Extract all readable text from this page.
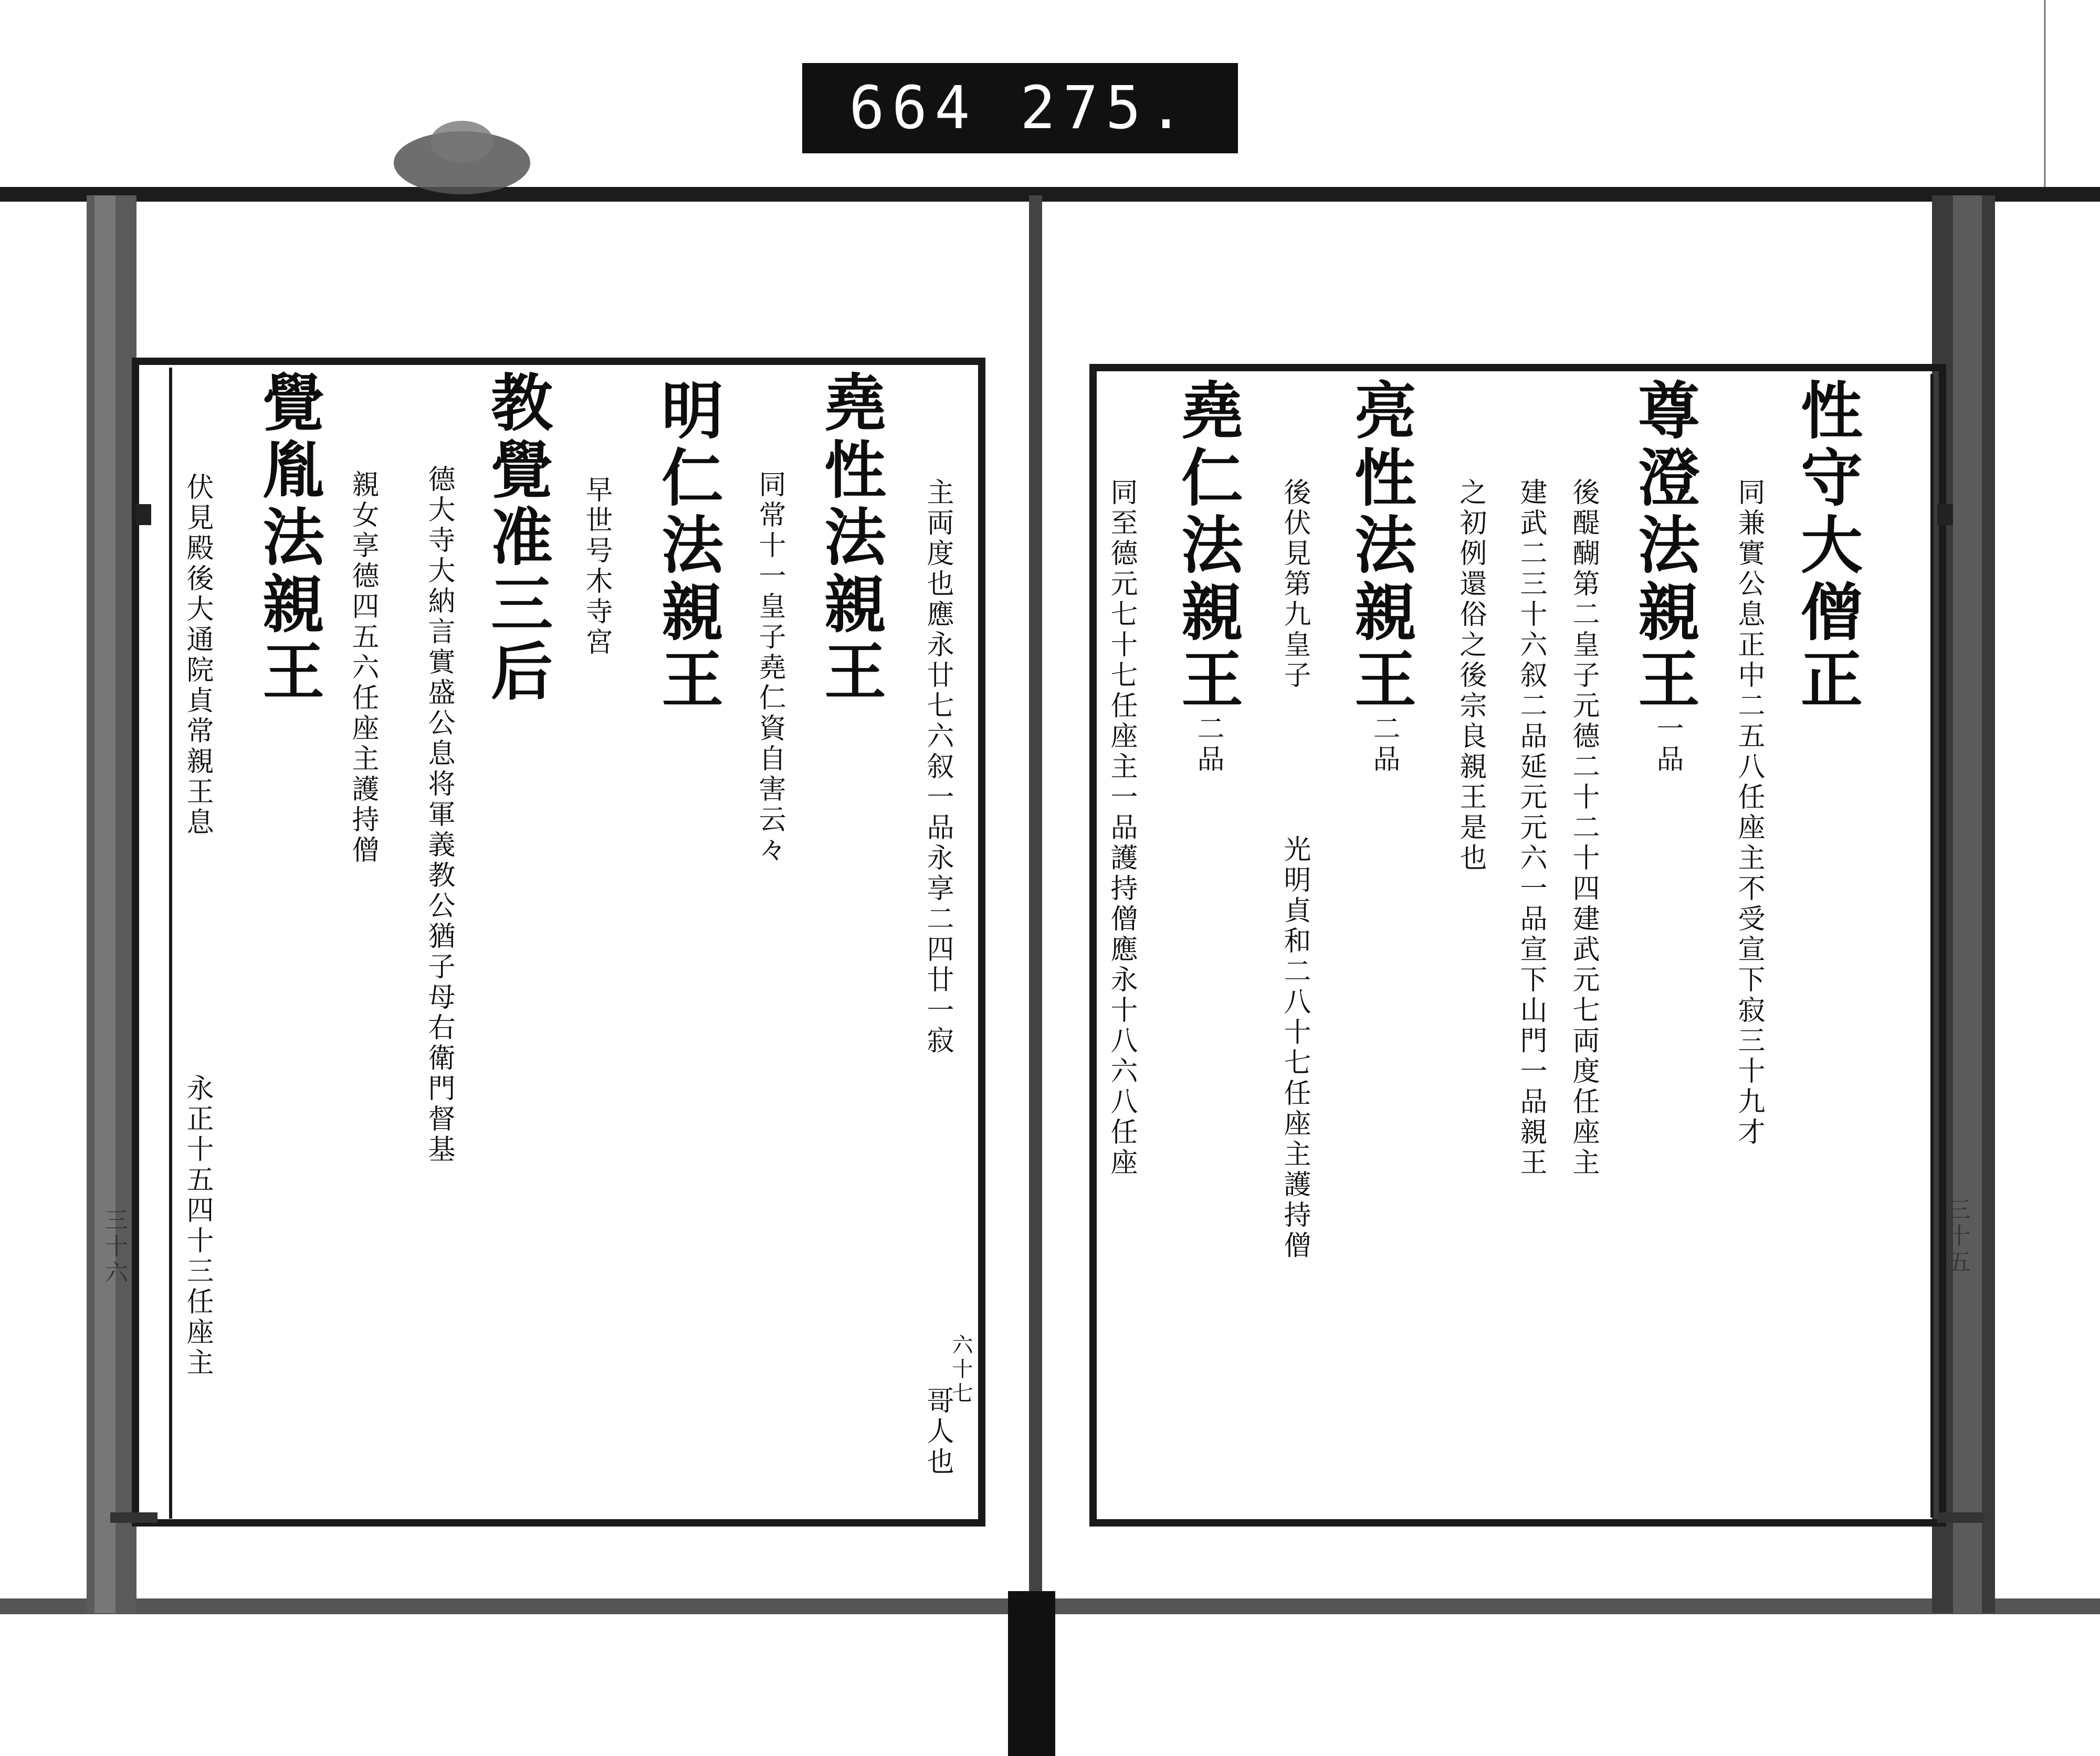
664 275.
主両度也應永廿七六叙一品永享二四廿一寂
六十七
哥人也
堯性法親王
同常十一皇子堯仁資自害云々
明仁法親王
早世号木寺宮
教覺准三后
德大寺大納言實盛公息将軍義教公猶子母右衛門督基
親女享德四五六任座主護持僧
覺胤法親王
伏見殿後大通院貞常親王息
永正十五四十三任座主
三十六
性守大僧正
同兼實公息正中二五八任座主不受宣下寂三十九才
尊澄法親王
一品
後醍醐第二皇子元德二十二十四建武元七両度任座主
建武二三十六叙二品延元元六一品宣下山門一品親王
之初例還俗之後宗良親王是也
亮性法親王
二品
後伏見第九皇子
光明貞和二八十七任座主護持僧
堯仁法親王
二品
同至德元七十七任座主一品護持僧應永十八六八任座
三十五
